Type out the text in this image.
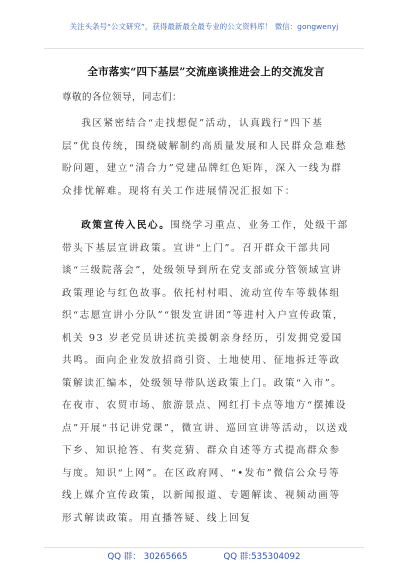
关注头条号“公文研究”，获得最新最全最专业的公文资料库！ 微信：gongwenyj
全市落实“四下基层”交流座谈推进会上的交流发言
尊敬的各位领导，同志们：

我区紧密结合“走找想促”活动，认真践行“四下基层”优良传统，围绕破解制约高质量发展和人民群众急难愁盼问题，建立“清合力”党建品牌红色矩阵，深入一线为群众排忧解难。现将有关工作进展情况汇报如下：

政策宣传入民心。围绕学习重点、业务工作，处级干部带头下基层宣讲政策。宣讲“上门”。召开群众干部共同谈“三级院落会”，处级领导到所在党支部或分管领域宣讲政策理论与红色故事。依托村村唱、流动宣传车等载体组织“志愿宣讲小分队”“银发宣讲团”等进村入户宣传政策，机关 93 岁老党员讲述抗美援朝亲身经历，引发拥党爱国共鸣。面向企业发放招商引资、土地使用、征地拆迁等政策解读汇编本，处级领导带队送政策上门。政策“入市”。在夜市、农贸市场、旅游景点、网红打卡点等地方“摆摊设点”开展“书记讲党课”，微宣讲、巡回宣讲等活动，以送戏下乡、知识抢答、有奖竞猜、群众自述等方式提高群众参与度。知识“上网”。在区政府网、“•发布”微信公众号等线上媒介宣传政策，以新闻报道、专题解读、视频动画等形式解读政策。用直播答疑、线上回复

QQ 群： 30265665	QQ 群:535304092
